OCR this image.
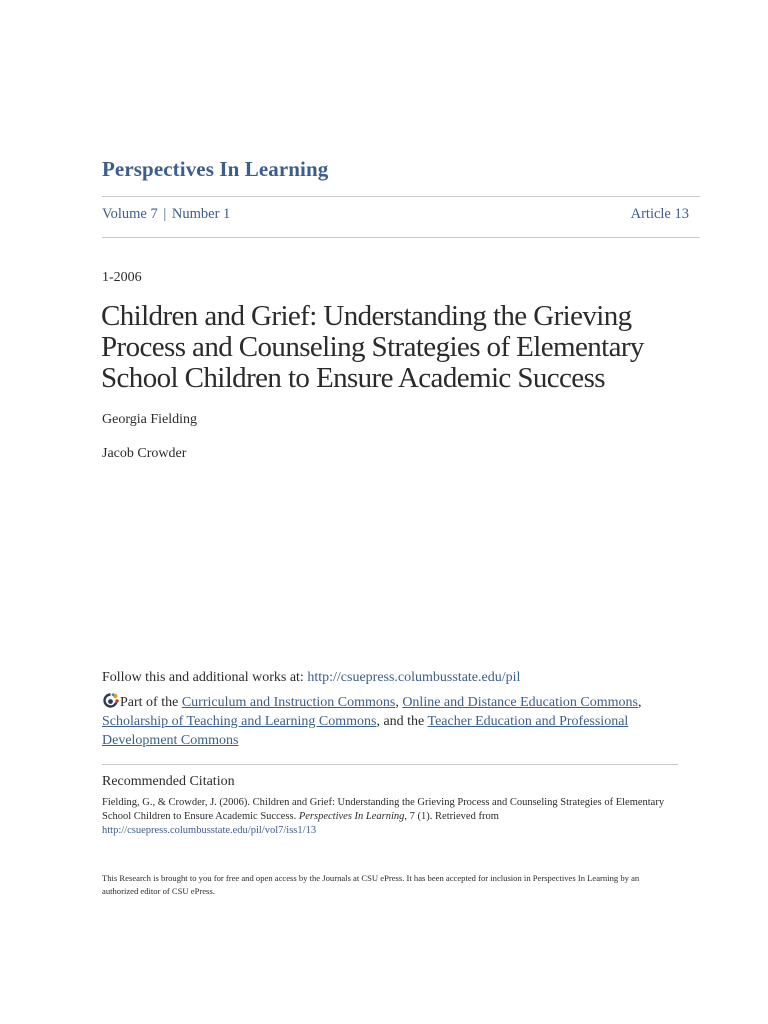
Perspectives In Learning
Volume 7 | Number 1	Article 13
1-2006
Children and Grief: Understanding the Grieving Process and Counseling Strategies of Elementary School Children to Ensure Academic Success
Georgia Fielding
Jacob Crowder
Follow this and additional works at: http://csuepress.columbusstate.edu/pil
Part of the Curriculum and Instruction Commons, Online and Distance Education Commons, Scholarship of Teaching and Learning Commons, and the Teacher Education and Professional Development Commons
Recommended Citation
Fielding, G., & Crowder, J. (2006). Children and Grief: Understanding the Grieving Process and Counseling Strategies of Elementary School Children to Ensure Academic Success. Perspectives In Learning, 7 (1). Retrieved from http://csuepress.columbusstate.edu/pil/vol7/iss1/13
This Research is brought to you for free and open access by the Journals at CSU ePress. It has been accepted for inclusion in Perspectives In Learning by an authorized editor of CSU ePress.
